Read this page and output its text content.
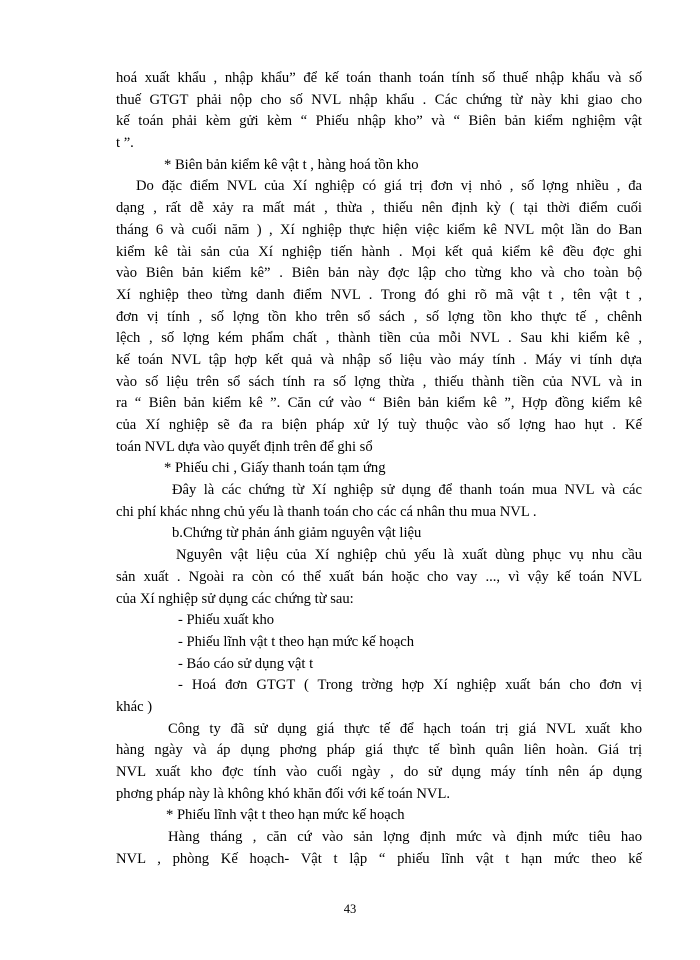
hoá xuất khẩu , nhập khẩu” để kế toán thanh toán tính số thuế nhập khẩu và số
thuế GTGT phải nộp cho số NVL nhập khẩu . Các chứng từ này khi giao cho
kế toán phải kèm gửi kèm “ Phiếu nhập kho” và “ Biên bản kiểm nghiệm vật
t ”.
* Biên bản kiểm kê vật t , hàng hoá tồn kho
Do đặc điểm NVL của Xí nghiệp có giá trị đơn vị nhỏ , số lợng nhiều , đa
dạng , rất dễ xảy ra mất mát , thừa , thiếu nên định kỳ ( tại thời điểm cuối
tháng 6 và cuối năm ) , Xí nghiệp thực hiện việc kiểm kê NVL một lần do Ban
kiểm kê tài sản của Xí nghiệp tiến hành . Mọi kết quả kiểm kê đều đợc ghi
vào Biên bản kiểm kê” . Biên bản này đợc lập cho từng kho và cho toàn bộ
Xí nghiệp theo từng danh điểm NVL . Trong đó ghi rõ mã vật t , tên vật t ,
đơn vị tính , số lợng tồn kho trên sổ sách , số lợng tồn kho thực tế , chênh
lệch , số lợng kém phẩm chất , thành tiền của mỗi NVL . Sau khi kiểm kê ,
kế toán NVL tập hợp kết quả và nhập số liệu vào máy tính . Máy vi tính dựa
vào số liệu trên sổ sách tính ra số lợng thừa , thiếu thành tiền của NVL và in
ra “ Biên bản kiểm kê ”. Căn cứ vào “ Biên bản kiểm kê ”, Hợp đồng kiểm kê
của Xí nghiệp sẽ đa ra biện pháp xử lý tuỳ thuộc vào số lợng hao hụt . Kế
toán NVL dựa vào quyết định trên để ghi sổ
* Phiếu chi , Giấy thanh toán tạm ứng
Đây là các chứng từ Xí nghiệp sử dụng để thanh toán mua NVL và các
chi phí khác nhng chủ yếu là thanh toán cho các cá nhân thu mua NVL .
b.Chứng từ phản ánh giảm nguyên vật liệu
Nguyên vật liệu của Xí nghiệp chủ yếu là xuất dùng phục vụ nhu cầu
sản xuất . Ngoài ra còn có thể xuất bán hoặc cho vay ..., vì vậy kế toán NVL
của Xí nghiệp sử dụng các chứng từ sau:
- Phiếu xuất kho
- Phiếu lĩnh vật t theo hạn mức kế hoạch
- Báo cáo sử dụng vật t
- Hoá đơn GTGT ( Trong trờng hợp Xí nghiệp xuất bán cho đơn vị
khác )
Công ty đã sử dụng giá thực tế để hạch toán trị giá NVL xuất kho
hàng ngày và áp dụng phơng pháp giá thực tế bình quân liên hoàn. Giá trị
NVL xuất kho đợc tính vào cuối ngày , do sử dụng máy tính nên áp dụng
phơng pháp này là không khó khăn đối với kế toán NVL.
* Phiếu lĩnh vật t theo hạn mức kế hoạch
Hàng tháng , căn cứ vào sản lợng định mức và định mức tiêu hao
NVL , phòng Kế hoạch- Vật t lập “ phiếu lĩnh vật t hạn mức theo kế
43
